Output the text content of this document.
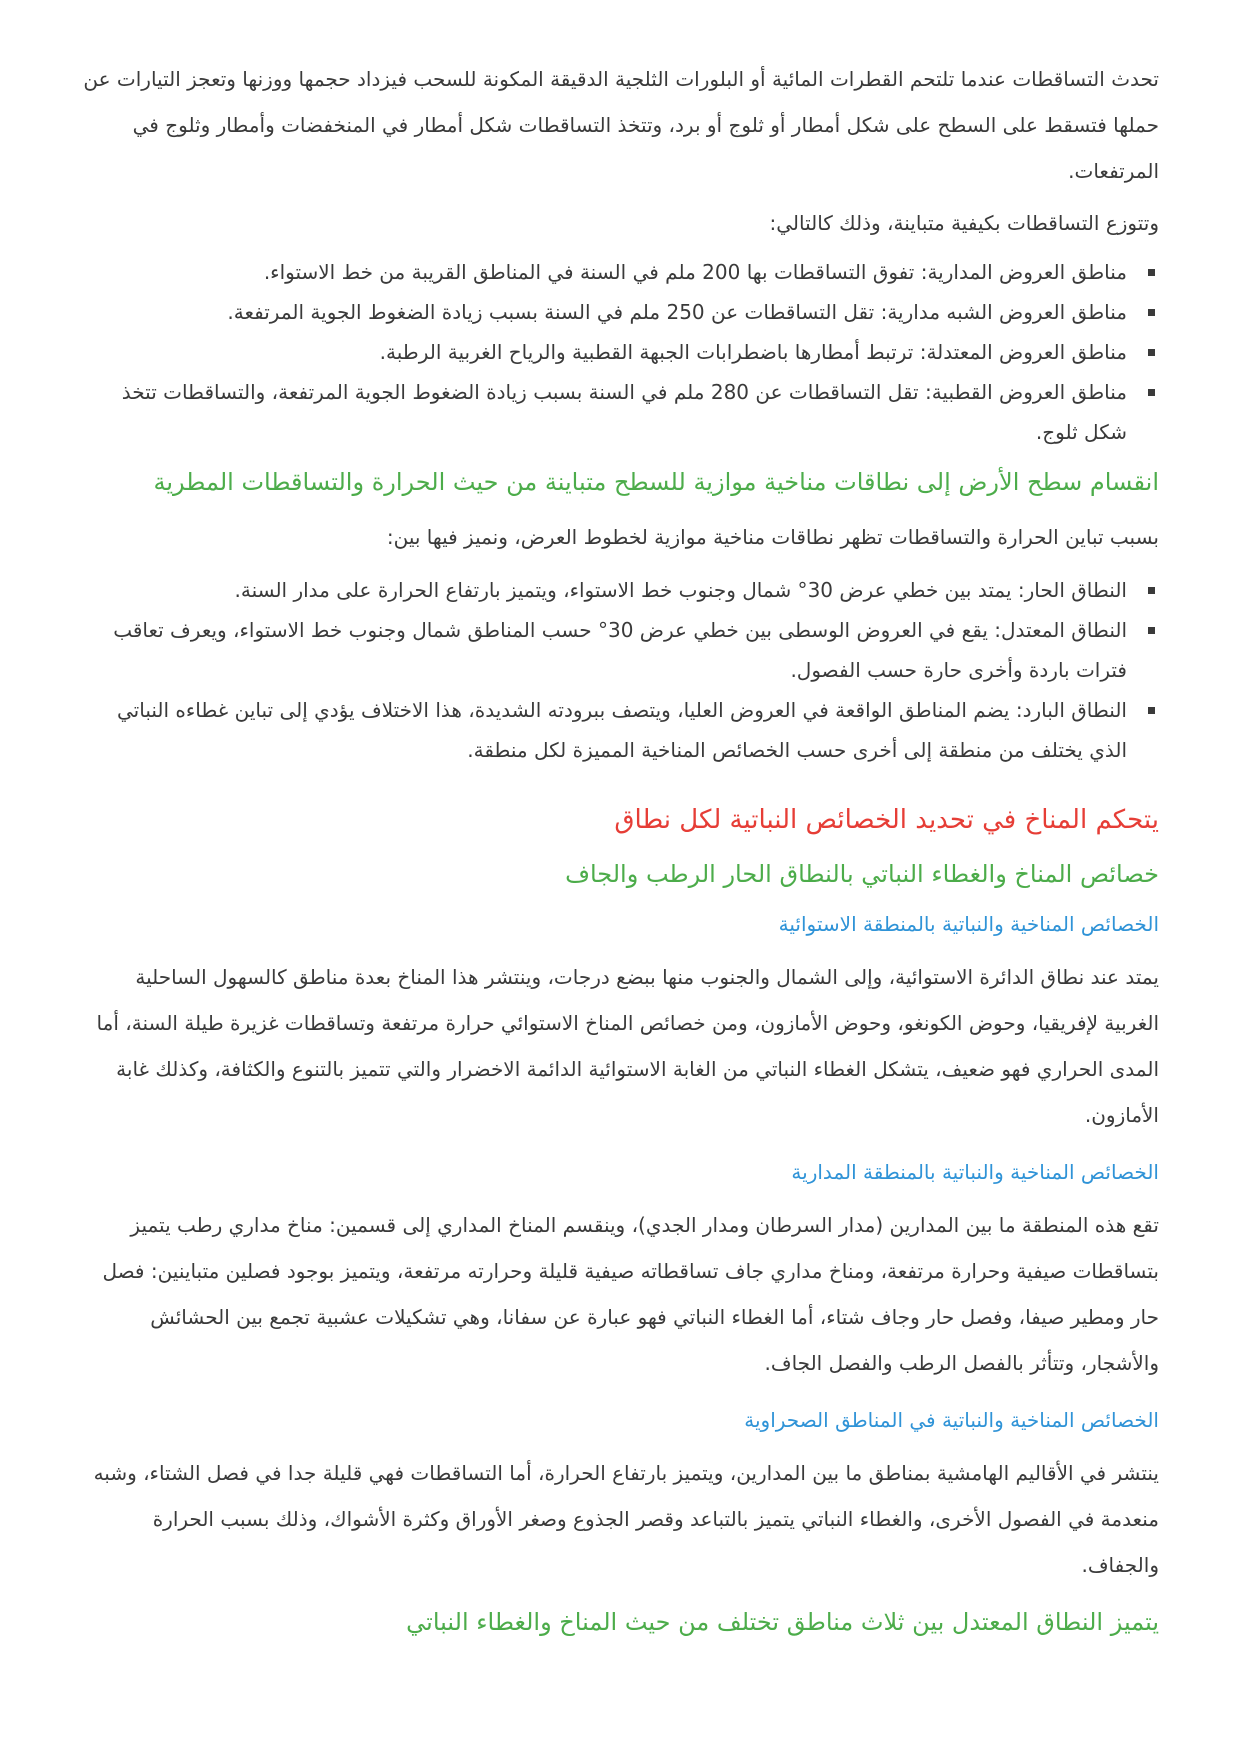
تحدث التساقطات عندما تلتحم القطرات المائية أو البلورات الثلجية الدقيقة المكونة للسحب فيزداد حجمها ووزنها وتعجز التيارات عن حملها فتسقط على السطح على شكل أمطار أو ثلوج أو برد، وتتخذ التساقطات شكل أمطار في المنخفضات وأمطار وثلوج في المرتفعات.

وتتوزع التساقطات بكيفية متباينة، وذلك كالتالي:

مناطق العروض المدارية: تفوق التساقطات بها 200 ملم في السنة في المناطق القريبة من خط الاستواء.
مناطق العروض الشبه مدارية: تقل التساقطات عن 250 ملم في السنة بسبب زيادة الضغوط الجوية المرتفعة.
مناطق العروض المعتدلة: ترتبط أمطارها باضطرابات الجبهة القطبية والرياح الغربية الرطبة.
مناطق العروض القطبية: تقل التساقطات عن 280 ملم في السنة بسبب زيادة الضغوط الجوية المرتفعة، والتساقطات تتخذ شكل ثلوج.
انقسام سطح الأرض إلى نطاقات مناخية موازية للسطح متباينة من حيث الحرارة والتساقطات المطرية

بسبب تباين الحرارة والتساقطات تظهر نطاقات مناخية موازية لخطوط العرض، ونميز فيها بين:

النطاق الحار: يمتد بين خطي عرض 30° شمال وجنوب خط الاستواء، ويتميز بارتفاع الحرارة على مدار السنة.
النطاق المعتدل: يقع في العروض الوسطى بين خطي عرض 30° حسب المناطق شمال وجنوب خط الاستواء، ويعرف تعاقب فترات باردة وأخرى حارة حسب الفصول.
النطاق البارد: يضم المناطق الواقعة في العروض العليا، ويتصف ببرودته الشديدة، هذا الاختلاف يؤدي إلى تباين غطاءه النباتي الذي يختلف من منطقة إلى أخرى حسب الخصائص المناخية المميزة لكل منطقة.
يتحكم المناخ في تحديد الخصائص النباتية لكل نطاق
خصائص المناخ والغطاء النباتي بالنطاق الحار الرطب والجاف
الخصائص المناخية والنباتية بالمنطقة الاستوائية

يمتد عند نطاق الدائرة الاستوائية، وإلى الشمال والجنوب منها ببضع درجات، وينتشر هذا المناخ بعدة مناطق كالسهول الساحلية الغربية لإفريقيا، وحوض الكونغو، وحوض الأمازون، ومن خصائص المناخ الاستوائي حرارة مرتفعة وتساقطات غزيرة طيلة السنة، أما المدى الحراري فهو ضعيف، يتشكل الغطاء النباتي من الغابة الاستوائية الدائمة الاخضرار والتي تتميز بالتنوع والكثافة، وكذلك غابة الأمازون.

الخصائص المناخية والنباتية بالمنطقة المدارية

تقع هذه المنطقة ما بين المدارين (مدار السرطان ومدار الجدي)، وينقسم المناخ المداري إلى قسمين: مناخ مداري رطب يتميز بتساقطات صيفية وحرارة مرتفعة، ومناخ مداري جاف تساقطاته صيفية قليلة وحرارته مرتفعة، ويتميز بوجود فصلين متباينين: فصل حار ومطير صيفا، وفصل حار وجاف شتاء، أما الغطاء النباتي فهو عبارة عن سفانا، وهي تشكيلات عشبية تجمع بين الحشائش والأشجار، وتتأثر بالفصل الرطب والفصل الجاف.

الخصائص المناخية والنباتية في المناطق الصحراوية

ينتشر في الأقاليم الهامشية بمناطق ما بين المدارين، ويتميز بارتفاع الحرارة، أما التساقطات فهي قليلة جدا في فصل الشتاء، وشبه منعدمة في الفصول الأخرى، والغطاء النباتي يتميز بالتباعد وقصر الجذوع وصغر الأوراق وكثرة الأشواك، وذلك بسبب الحرارة والجفاف.

يتميز النطاق المعتدل بين ثلاث مناطق تختلف من حيث المناخ والغطاء النباتي
